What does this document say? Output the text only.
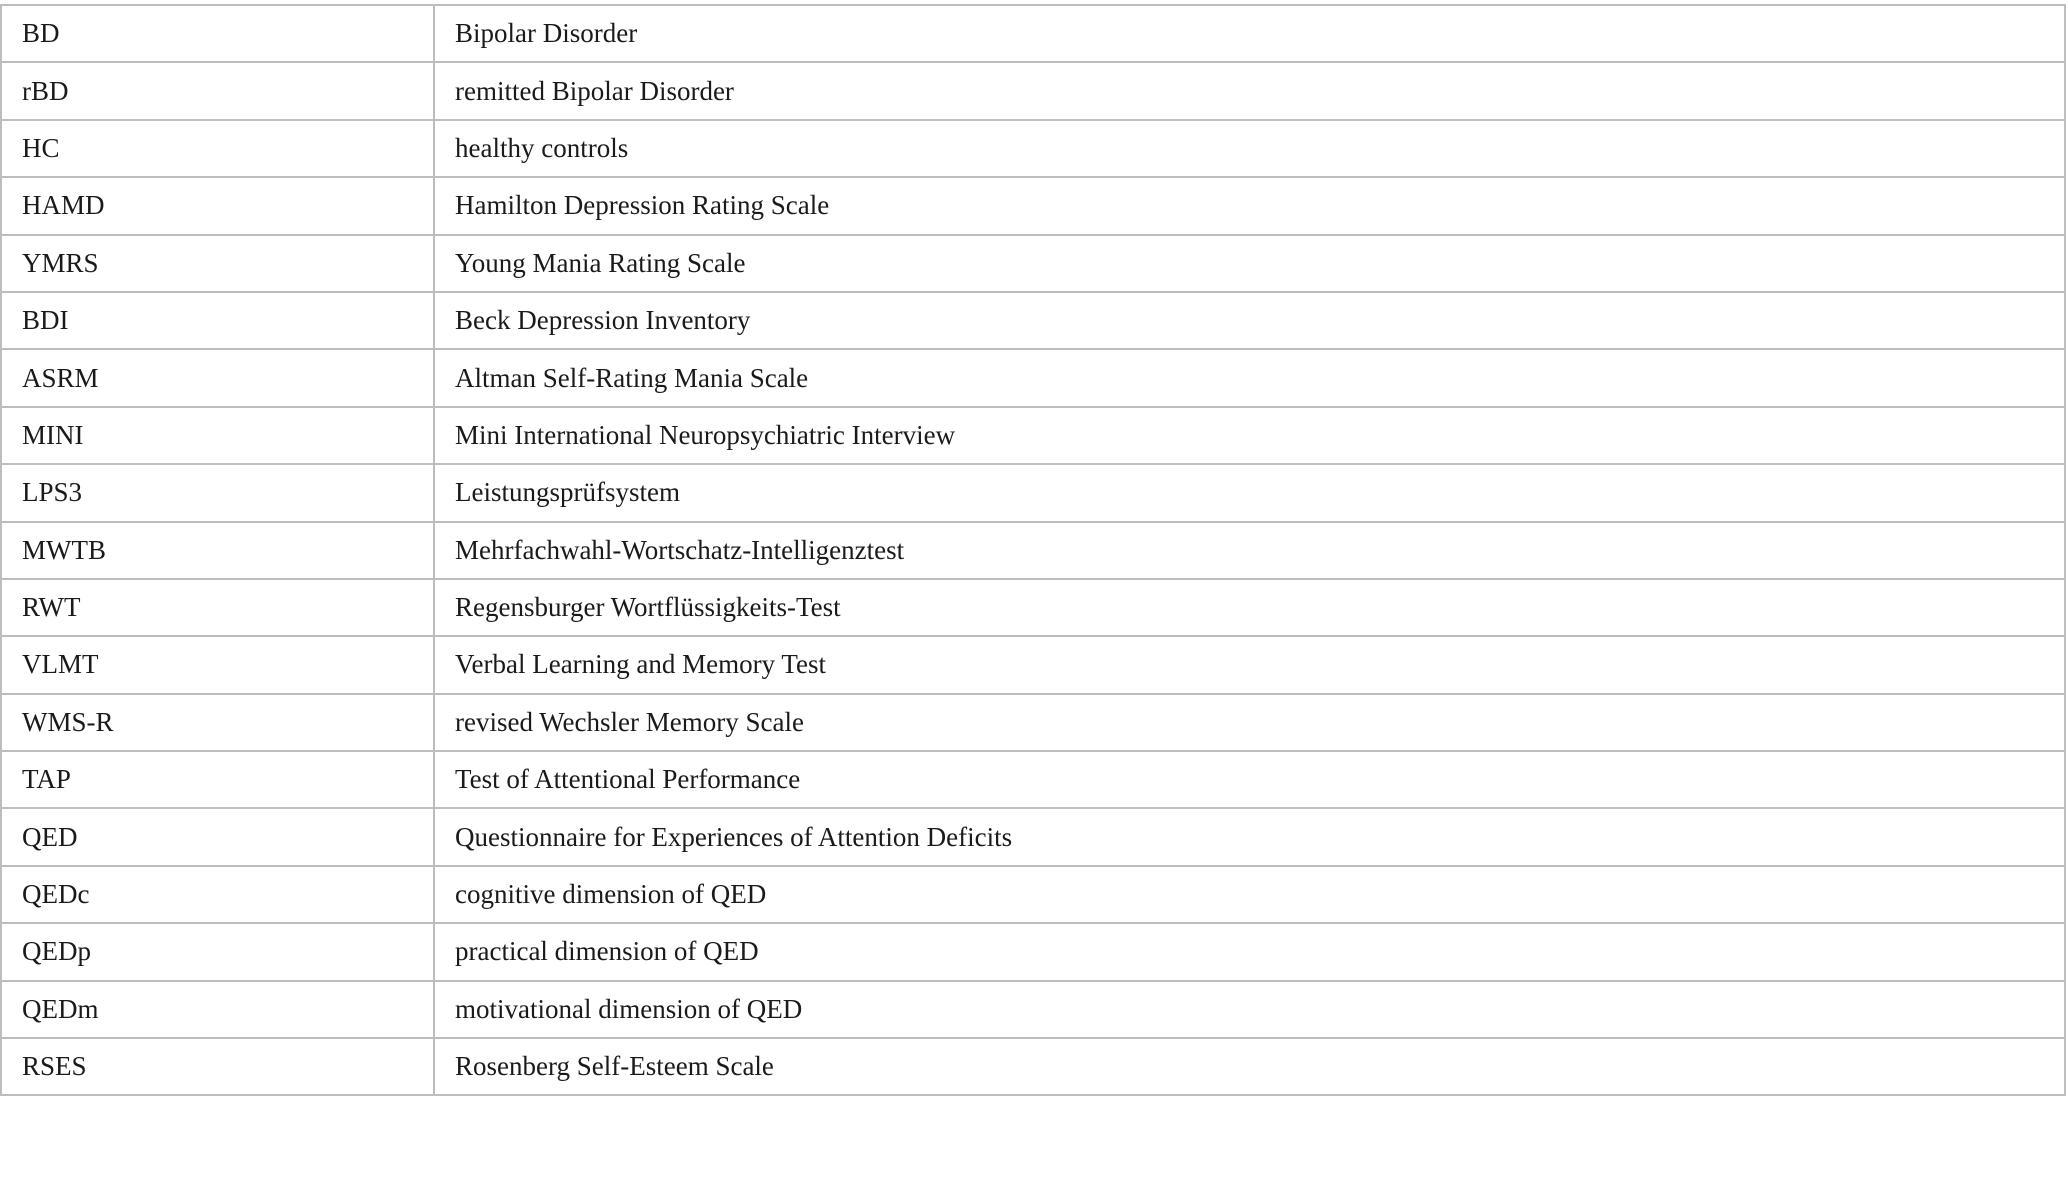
BD	Bipolar Disorder
rBD	remitted Bipolar Disorder
HC	healthy controls
HAMD	Hamilton Depression Rating Scale
YMRS	Young Mania Rating Scale
BDI	Beck Depression Inventory
ASRM	Altman Self-Rating Mania Scale
MINI	Mini International Neuropsychiatric Interview
LPS3	Leistungsprüfsystem
MWTB	Mehrfachwahl-Wortschatz-Intelligenztest
RWT	Regensburger Wortflüssigkeits-Test
VLMT	Verbal Learning and Memory Test
WMS-R	revised Wechsler Memory Scale
TAP	Test of Attentional Performance
QED	Questionnaire for Experiences of Attention Deficits
QEDc	cognitive dimension of QED
QEDp	practical dimension of QED
QEDm	motivational dimension of QED
RSES	Rosenberg Self-Esteem Scale
